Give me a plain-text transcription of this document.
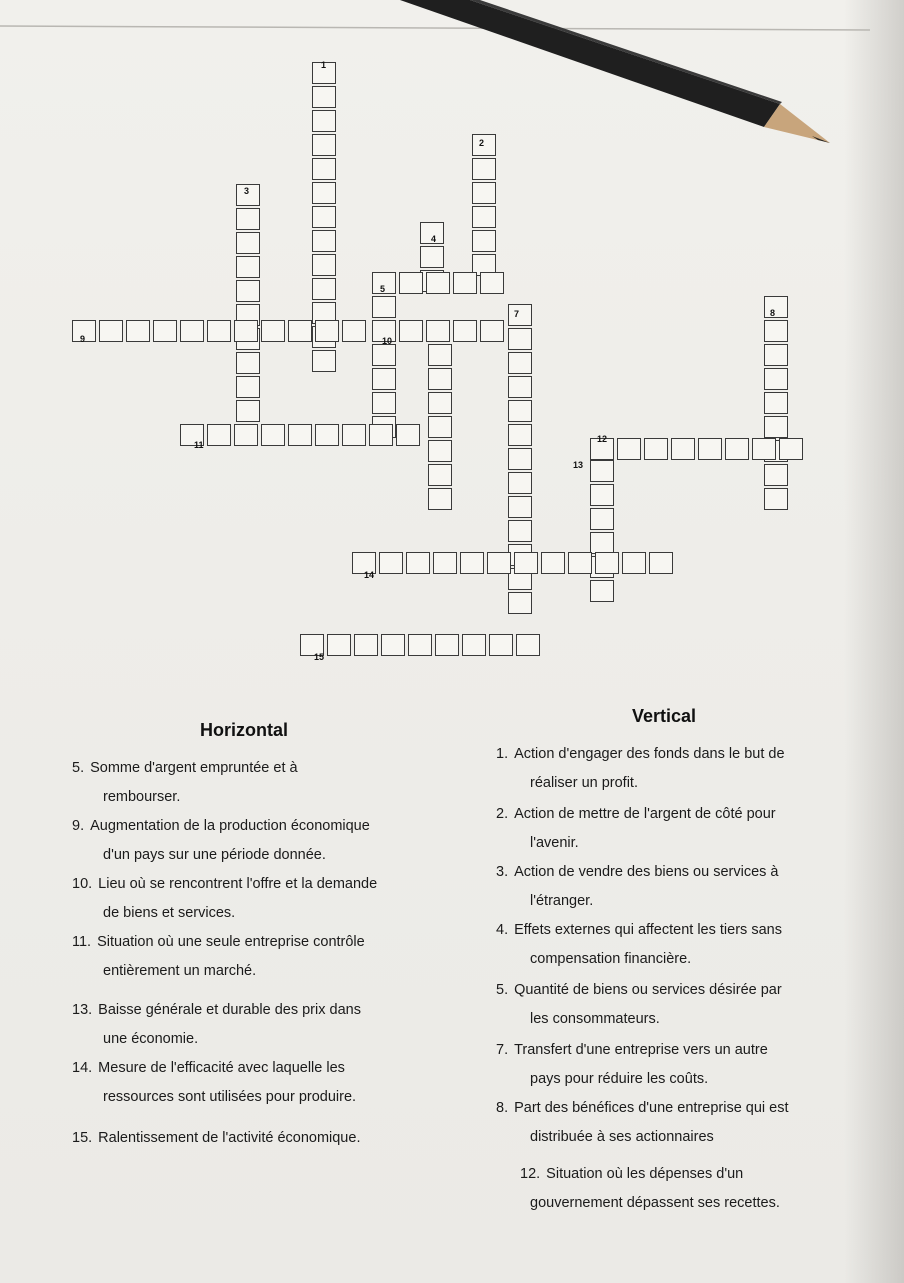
1
2
3
4
5
7	8
9	10
11
12
13
14
15
Horizontal
Vertical
5. Somme d'argent empruntée et à
rembourser.
9. Augmentation de la production économique
d'un pays sur une période donnée.
10. Lieu où se rencontrent l'offre et la demande
de biens et services.
11. Situation où une seule entreprise contrôle
entièrement un marché.
13. Baisse générale et durable des prix dans
une économie.
14. Mesure de l'efficacité avec laquelle les
ressources sont utilisées pour produire.
15. Ralentissement de l'activité économique.
1. Action d'engager des fonds dans le but de
réaliser un profit.
2. Action de mettre de l'argent de côté pour
l'avenir.
3. Action de vendre des biens ou services à
l'étranger.
4. Effets externes qui affectent les tiers sans
compensation financière.
5. Quantité de biens ou services désirée par
les consommateurs.
7. Transfert d'une entreprise vers un autre
pays pour réduire les coûts.
8. Part des bénéfices d'une entreprise qui est
distribuée à ses actionnaires
12. Situation où les dépenses d'un
gouvernement dépassent ses recettes.
